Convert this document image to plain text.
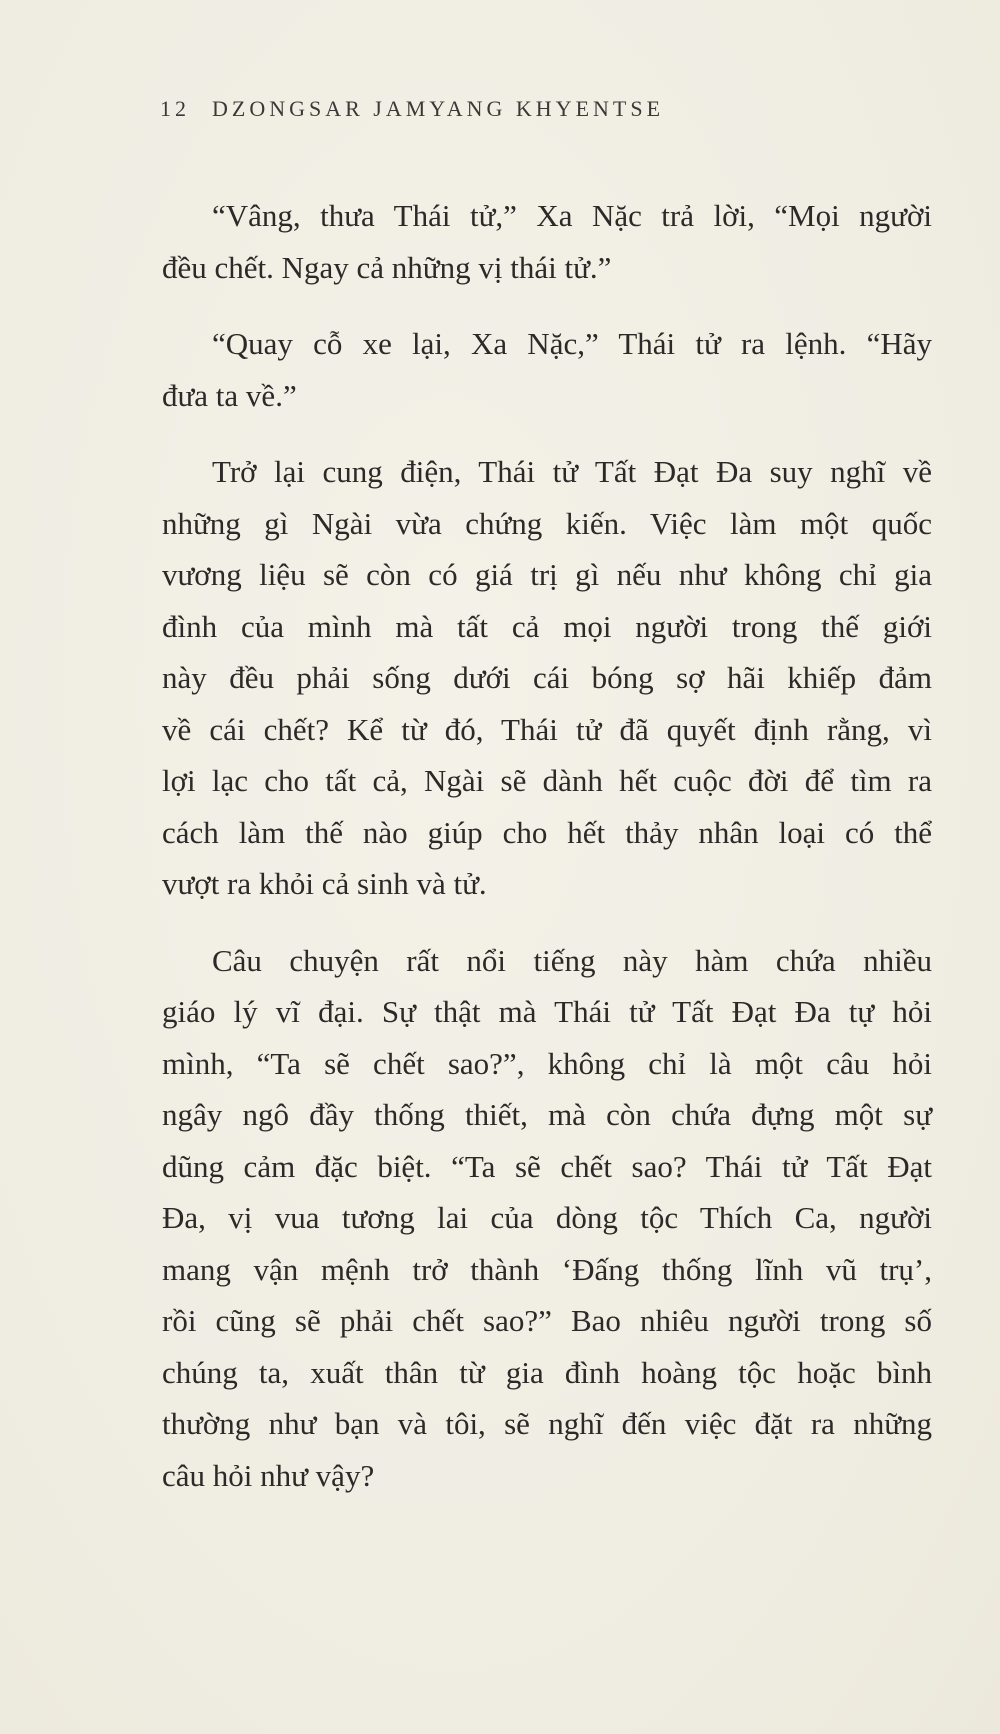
12 DZONGSAR JAMYANG KHYENTSE
“Vâng, thưa Thái tử,” Xa Nặc trả lời, “Mọi người
đều chết. Ngay cả những vị thái tử.”
“Quay cỗ xe lại, Xa Nặc,” Thái tử ra lệnh. “Hãy
đưa ta về.”
Trở lại cung điện, Thái tử Tất Đạt Đa suy nghĩ về
những gì Ngài vừa chứng kiến. Việc làm một quốc
vương liệu sẽ còn có giá trị gì nếu như không chỉ gia
đình của mình mà tất cả mọi người trong thế giới
này đều phải sống dưới cái bóng sợ hãi khiếp đảm
về cái chết? Kể từ đó, Thái tử đã quyết định rằng, vì
lợi lạc cho tất cả, Ngài sẽ dành hết cuộc đời để tìm ra
cách làm thế nào giúp cho hết thảy nhân loại có thể
vượt ra khỏi cả sinh và tử.
Câu chuyện rất nổi tiếng này hàm chứa nhiều
giáo lý vĩ đại. Sự thật mà Thái tử Tất Đạt Đa tự hỏi
mình, “Ta sẽ chết sao?”, không chỉ là một câu hỏi
ngây ngô đầy thống thiết, mà còn chứa đựng một sự
dũng cảm đặc biệt. “Ta sẽ chết sao? Thái tử Tất Đạt
Đa, vị vua tương lai của dòng tộc Thích Ca, người
mang vận mệnh trở thành ‘Đấng thống lĩnh vũ trụ’,
rồi cũng sẽ phải chết sao?” Bao nhiêu người trong số
chúng ta, xuất thân từ gia đình hoàng tộc hoặc bình
thường như bạn và tôi, sẽ nghĩ đến việc đặt ra những
câu hỏi như vậy?
